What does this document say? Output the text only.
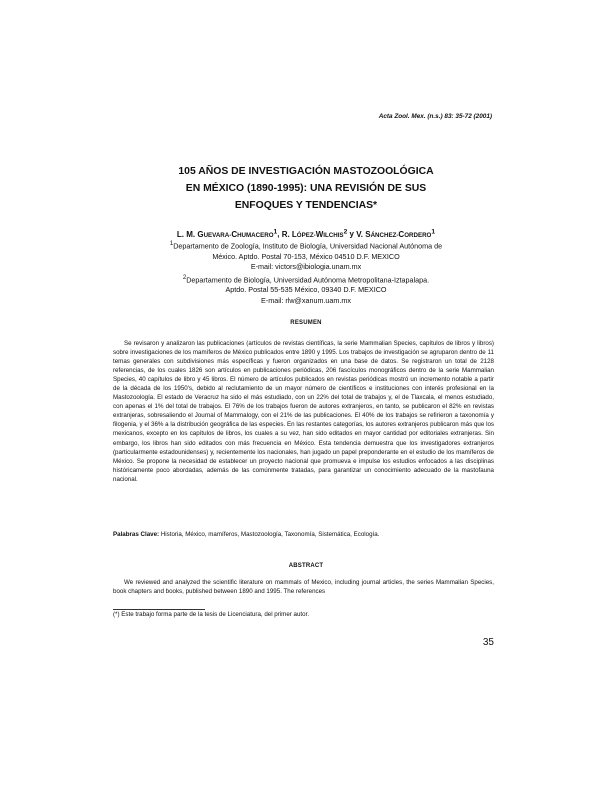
Acta Zool. Mex. (n.s.) 83: 35-72 (2001)
105 AÑOS DE INVESTIGACIÓN MASTOZOOLÓGICA
EN MÉXICO (1890-1995): UNA REVISIÓN DE SUS
ENFOQUES Y TENDENCIAS*
L. M. GUEVARA-CHUMACERO$^1$, R. LÓPEZ-WILCHIS$^2$ y V. SÁNCHEZ-CORDERO$^1$
$^1$Departamento de Zoología, Instituto de Biología, Universidad Nacional Autónoma de
México. Aptdo. Postal 70-153, México 04510 D.F. MEXICO
E-mail: victors@ibiologia.unam.mx
$^2$Departamento de Biología, Universidad Autónoma Metropolitana-Iztapalapa.
Aptdo. Postal 55-535 México, 09340 D.F. MEXICO
E-mail: rlw@xanum.uam.mx
RESUMEN

Se revisaron y analizaron las publicaciones (artículos de revistas científicas, la serie Mammalian Species, capítulos de libros y libros) sobre investigaciones de los mamíferos de México publicados entre 1890 y 1995. Los trabajos de investigación se agruparon dentro de 11 temas generales con subdivisiones más específicas y fueron organizados en una base de datos. Se registraron un total de 2128 referencias, de los cuales 1826 son artículos en publicaciones periódicas, 206 fascículos monográficos dentro de la serie Mammalian Species, 40 capítulos de libro y 45 libros. El número de artículos publicados en revistas periódicas mostró un incremento notable a partir de la década de los 1950's, debido al reclutamiento de un mayor número de científicos e instituciones con interés profesional en la Mastozoología. El estado de Veracruz ha sido el más estudiado, con un 22% del total de trabajos y, el de Tlaxcala, el menos estudiado, con apenas el 1% del total de trabajos. El 76% de los trabajos fueron de autores extranjeros, en tanto, se publicaron el 82% en revistas extranjeras, sobresaliendo el Journal of Mammalogy, con el 21% de las publicaciones. El 40% de los trabajos se refirieron a taxonomía y filogenia, y el 36% a la distribución geográfica de las especies. En las restantes categorías, los autores extranjeros publicaron más que los mexicanos, excepto en los capítulos de libros, los cuales a su vez, han sido editados en mayor cantidad por editoriales extranjeras. Sin embargo, los libros han sido editados con más frecuencia en México. Esta tendencia demuestra que los investigadores extranjeros (particularmente estadounidenses) y, recientemente los nacionales, han jugado un papel preponderante en el estudio de los mamíferos de México. Se propone la necesidad de establecer un proyecto nacional que promueva e impulse los estudios enfocados a las disciplinas históricamente poco abordadas, además de las comúnmente tratadas, para garantizar un conocimiento adecuado de la mastofauna nacional.

Palabras Clave: Historia, México, mamíferos, Mastozoología, Taxonomía, Sistemática, Ecología.
ABSTRACT

We reviewed and analyzed the scientific literature on mammals of Mexico, including journal articles, the series Mammalian Species, book chapters and books, published between 1890 and 1995. The references

(*) Este trabajo forma parte de la tesis de Licenciatura, del primer autor.
35
